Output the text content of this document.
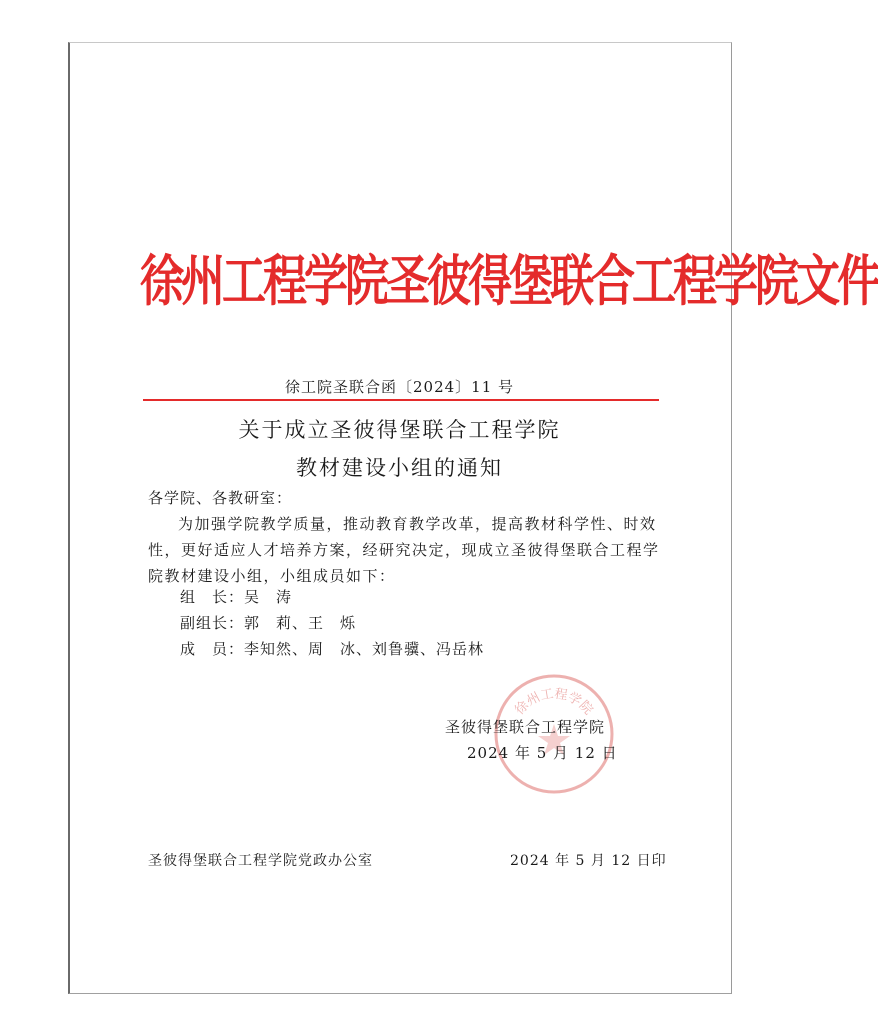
徐州工程学院圣彼得堡联合工程学院文件
徐工院圣联合函〔2024〕11 号
关于成立圣彼得堡联合工程学院
教材建设小组的通知
各学院、各教研室：
为加强学院教学质量，推动教育教学改革，提高教材科学性、时效性，更好适应人才培养方案，经研究决定，现成立圣彼得堡联合工程学院教材建设小组，小组成员如下：
组　长：吴　涛
副组长：郭　莉、王　烁
成　员：李知然、周　冰、刘鲁骥、冯岳林
徐州工程学院
圣彼得堡联合工程学院
2024 年 5 月 12 日
圣彼得堡联合工程学院党政办公室	2024 年 5 月 12 日印
